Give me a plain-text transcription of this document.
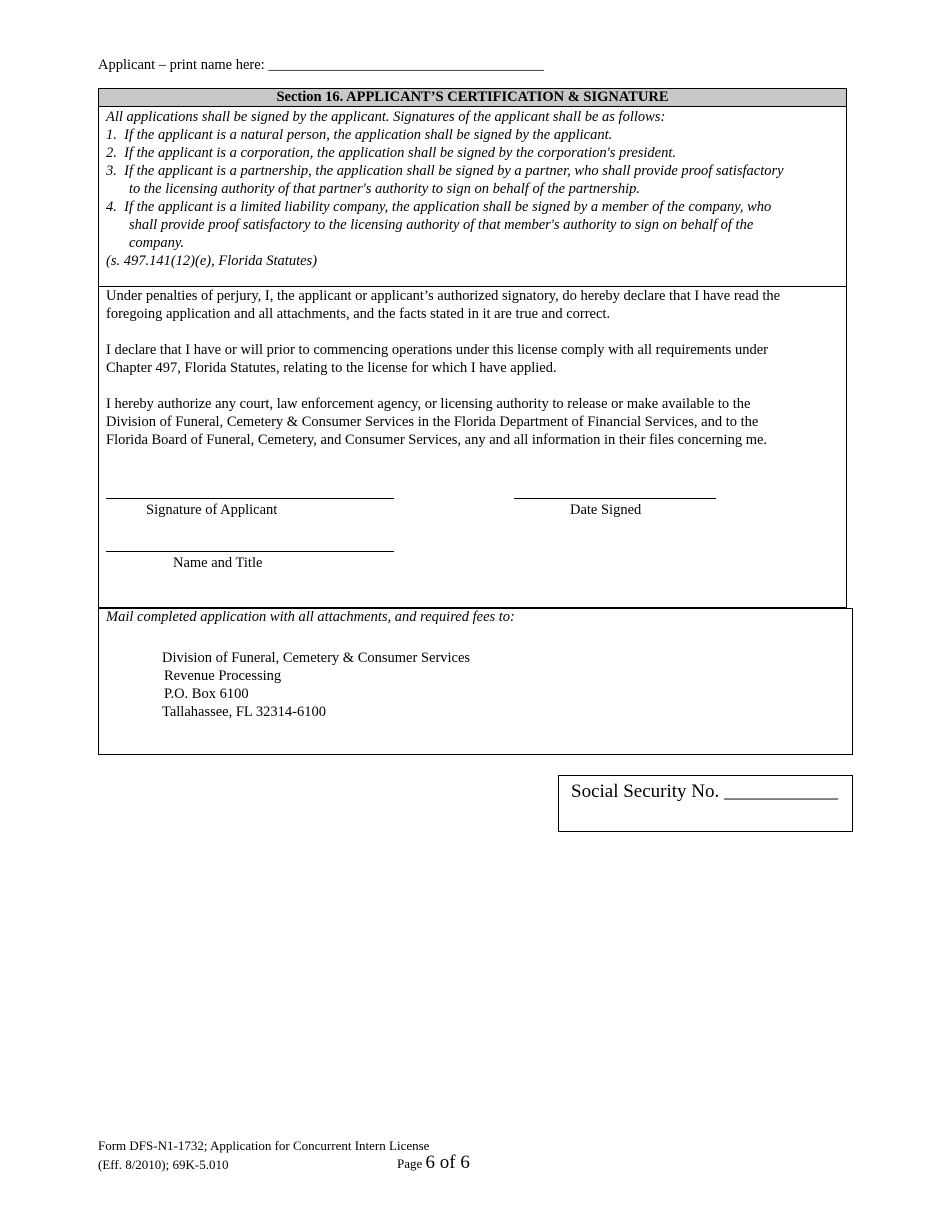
Applicant – print name here: ______________________________________
Section 16. APPLICANT’S CERTIFICATION & SIGNATURE
All applications shall be signed by the applicant. Signatures of the applicant shall be as follows:
1. If the applicant is a natural person, the application shall be signed by the applicant.
2. If the applicant is a corporation, the application shall be signed by the corporation's president.
3. If the applicant is a partnership, the application shall be signed by a partner, who shall provide proof satisfactory
to the licensing authority of that partner's authority to sign on behalf of the partnership.
4. If the applicant is a limited liability company, the application shall be signed by a member of the company, who
shall provide proof satisfactory to the licensing authority of that member's authority to sign on behalf of the
company.
(s. 497.141(12)(e), Florida Statutes)
Under penalties of perjury, I, the applicant or applicant’s authorized signatory, do hereby declare that I have read the
foregoing application and all attachments, and the facts stated in it are true and correct.
I declare that I have or will prior to commencing operations under this license comply with all requirements under
Chapter 497, Florida Statutes, relating to the license for which I have applied.
I hereby authorize any court, law enforcement agency, or licensing authority to release or make available to the
Division of Funeral, Cemetery & Consumer Services in the Florida Department of Financial Services, and to the
Florida Board of Funeral, Cemetery, and Consumer Services, any and all information in their files concerning me.
Signature of Applicant	Date Signed
Name and Title
Mail completed application with all attachments, and required fees to:
Division of Funeral, Cemetery & Consumer Services
Revenue Processing
P.O. Box 6100
Tallahassee, FL 32314-6100
Social Security No. ____________
Form DFS-N1-1732; Application for Concurrent Intern License
(Eff. 8/2010); 69K-5.010	Page 6 of 6
